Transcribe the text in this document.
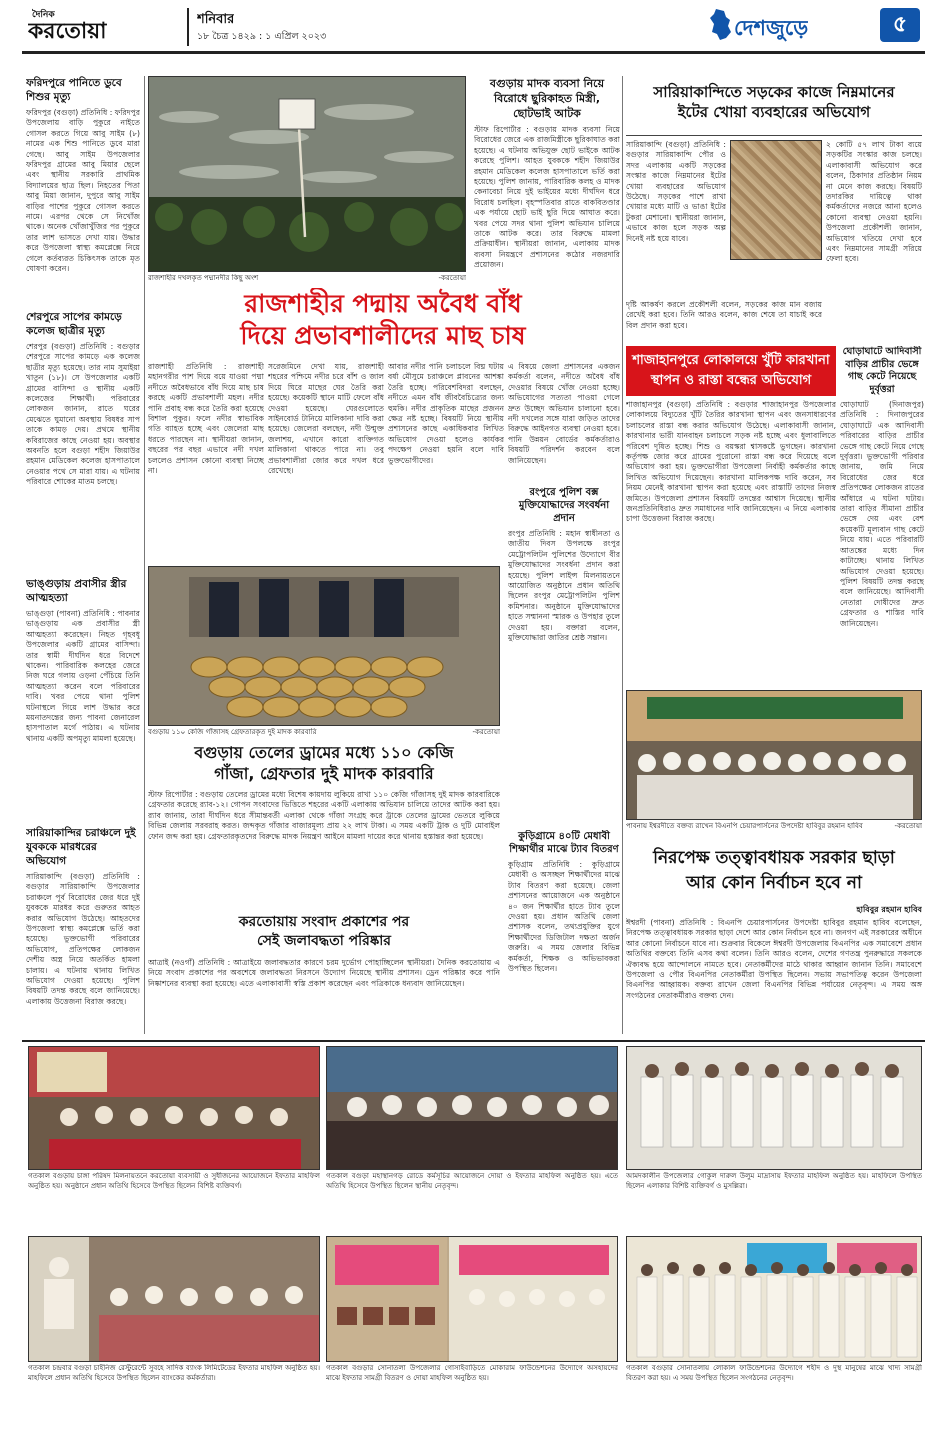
দৈনিক
করতোয়া	শনিবার
১৮ চৈত্র ১৪২৯ : ১ এপ্রিল ২০২৩	দেশজুড়ে	৫
ফরিদপুরে পানিতে ডুবে শিশুর মৃত্যু
ফরিদপুর (বগুড়া) প্রতিনিধি : ফরিদপুর উপজেলায় বাড়ি পুকুরে নাইতে গোসল করতে গিয়ে আবু সাইম (৮) নামের এক শিশু পানিতে ডুবে মারা গেছে। আবু সাইম উপজেলার ফরিদপুর গ্রামের আবু মিয়ার ছেলে এবং স্থানীয় সরকারি প্রাথমিক বিদ্যালয়ের ছাত্র ছিল। নিহতের পিতা আবু মিয়া জানান, দুপুরে আবু সাইম বাড়ির পাশের পুকুরে গোসল করতে নামে। এরপর থেকে সে নিখোঁজ থাকে। অনেক খোঁজাখুঁজির পর পুকুরে তার লাশ ভাসতে দেখা যায়। উদ্ধার করে উপজেলা স্বাস্থ্য কমপ্লেক্সে নিয়ে গেলে কর্তব্যরত চিকিৎসক তাকে মৃত ঘোষণা করেন।
শেরপুরে সাপের কামড়ে কলেজ ছাত্রীর মৃত্যু
শেরপুর (বগুড়া) প্রতিনিধি : বগুড়ার শেরপুরে সাপের কামড়ে এক কলেজ ছাত্রীর মৃত্যু হয়েছে। তার নাম সুমাইয়া খাতুন (১৮)। সে উপজেলার একটি গ্রামের বাসিন্দা ও স্থানীয় একটি কলেজের শিক্ষার্থী। পরিবারের লোকজন জানান, রাতে ঘরের মেঝেতে ঘুমানো অবস্থায় বিষধর সাপ তাকে কামড় দেয়। প্রথমে স্থানীয় কবিরাজের কাছে নেওয়া হয়। অবস্থার অবনতি হলে বগুড়া শহীদ জিয়াউর রহমান মেডিকেল কলেজ হাসপাতালে নেওয়ার পথে সে মারা যায়। এ ঘটনায় পরিবারে শোকের মাতম চলছে।
ভাঙ্গুড়ায় প্রবাসীর স্ত্রীর আত্মহত্যা
ভাঙ্গুড়া (পাবনা) প্রতিনিধি : পাবনার ভাঙ্গুড়ায় এক প্রবাসীর স্ত্রী আত্মহত্যা করেছেন। নিহত গৃহবধূ উপজেলার একটি গ্রামের বাসিন্দা। তার স্বামী দীর্ঘদিন ধরে বিদেশে থাকেন। পারিবারিক কলহের জেরে নিজ ঘরে গলায় ওড়না পেঁচিয়ে তিনি আত্মহত্যা করেন বলে পরিবারের দাবি। খবর পেয়ে থানা পুলিশ ঘটনাস্থলে গিয়ে লাশ উদ্ধার করে ময়নাতদন্তের জন্য পাবনা জেনারেল হাসপাতাল মর্গে পাঠায়। এ ঘটনায় থানায় একটি অপমৃত্যু মামলা হয়েছে।
সারিয়াকান্দির চরাঞ্চলে দুই যুবককে মারধরের অভিযোগ
সারিয়াকান্দি (বগুড়া) প্রতিনিধি : বগুড়ার সারিয়াকান্দি উপজেলার চরাঞ্চলে পূর্ব বিরোধের জের ধরে দুই যুবককে মারধর করে গুরুতর আহত করার অভিযোগ উঠেছে। আহতদের উপজেলা স্বাস্থ্য কমপ্লেক্সে ভর্তি করা হয়েছে। ভুক্তভোগী পরিবারের অভিযোগ, প্রতিপক্ষের লোকজন দেশীয় অস্ত্র নিয়ে অতর্কিত হামলা চালায়। এ ঘটনায় থানায় লিখিত অভিযোগ দেওয়া হয়েছে। পুলিশ বিষয়টি তদন্ত করছে বলে জানিয়েছে। এলাকায় উত্তেজনা বিরাজ করছে।
রাজশাহীর দখলকৃত পদ্মানদীর কিছু অংশ	-করতোয়া
রাজশাহীর পদ্মায় অবৈধ বাঁধ
দিয়ে প্রভাবশালীদের মাছ চাষ
রাজশাহী প্রতিনিধি : রাজশাহী মহানগরীর পাশ দিয়ে বয়ে যাওয়া পদ্মা নদীতে অবৈধভাবে বাঁধ দিয়ে মাছ চাষ করছে একটি প্রভাবশালী মহল। নদীর পানি প্রবাহ বন্ধ করে তৈরি করা হয়েছে বিশাল পুকুর। ফলে নদীর স্বাভাবিক গতি ব্যাহত হচ্ছে এবং জেলেরা মাছ ধরতে পারছেন না। স্থানীয়রা জানান, বছরের পর বছর এভাবে নদী দখল চললেও প্রশাসন কোনো ব্যবস্থা নিচ্ছে না।
সরেজমিনে দেখা যায়, রাজশাহী শহরের পশ্চিমে নদীর চরে বাঁশ ও জাল দিয়ে ঘিরে মাছের ঘের তৈরি করা হয়েছে। কয়েকটি স্থানে মাটি ফেলে বাঁধ দেওয়া হয়েছে। ঘেরগুলোতে সাইনবোর্ড টানিয়ে মালিকানা দাবি করা হয়েছে। জেলেরা বলছেন, নদী উন্মুক্ত জলাশয়, এখানে কারো ব্যক্তিগত মালিকানা থাকতে পারে না। তবু প্রভাবশালীরা জোর করে দখল ধরে রেখেছে।
আবার নদীর পানি চলাচলে বিঘ্ন ঘটায় বর্ষা মৌসুমে চরাঞ্চলে প্লাবনের আশঙ্কা তৈরি হচ্ছে। পরিবেশবিদরা বলছেন, নদীতে এমন বাঁধ জীববৈচিত্র্যের জন্য হুমকি। নদীর প্রাকৃতিক মাছের প্রজনন ক্ষেত্র নষ্ট হচ্ছে। বিষয়টি নিয়ে স্থানীয় প্রশাসনের কাছে একাধিকবার লিখিত অভিযোগ দেওয়া হলেও কার্যকর পদক্ষেপ নেওয়া হয়নি বলে দাবি ভুক্তভোগীদের।
এ বিষয়ে জেলা প্রশাসনের একজন কর্মকর্তা বলেন, নদীতে অবৈধ বাঁধ দেওয়ার বিষয়ে খোঁজ নেওয়া হচ্ছে। অভিযোগের সত্যতা পাওয়া গেলে দ্রুত উচ্ছেদ অভিযান চালানো হবে। নদী দখলের সঙ্গে যারা জড়িত তাদের বিরুদ্ধে আইনগত ব্যবস্থা নেওয়া হবে। পানি উন্নয়ন বোর্ডের কর্মকর্তারাও বিষয়টি পরিদর্শন করবেন বলে জানিয়েছেন।
রংপুরে পুলিশ বক্স মুক্তিযোদ্ধাদের সংবর্ধনা প্রদান
রংপুর প্রতিনিধি : মহান স্বাধীনতা ও জাতীয় দিবস উপলক্ষে রংপুর মেট্রোপলিটন পুলিশের উদ্যোগে বীর মুক্তিযোদ্ধাদের সংবর্ধনা প্রদান করা হয়েছে। পুলিশ লাইন্স মিলনায়তনে আয়োজিত অনুষ্ঠানে প্রধান অতিথি ছিলেন রংপুর মেট্রোপলিটন পুলিশ কমিশনার। অনুষ্ঠানে মুক্তিযোদ্ধাদের হাতে সম্মাননা স্মারক ও উপহার তুলে দেওয়া হয়। বক্তারা বলেন, মুক্তিযোদ্ধারা জাতির শ্রেষ্ঠ সন্তান।
কুড়িগ্রামে ৪০টি মেধাবী শিক্ষার্থীর মাঝে ট্যাব বিতরণ
কুড়িগ্রাম প্রতিনিধি : কুড়িগ্রামে মেধাবী ও অসচ্ছল শিক্ষার্থীদের মাঝে ট্যাব বিতরণ করা হয়েছে। জেলা প্রশাসনের আয়োজনে এক অনুষ্ঠানে ৪০ জন শিক্ষার্থীর হাতে ট্যাব তুলে দেওয়া হয়। প্রধান অতিথি জেলা প্রশাসক বলেন, তথ্যপ্রযুক্তির যুগে শিক্ষার্থীদের ডিজিটাল দক্ষতা অর্জন জরুরি। এ সময় জেলার বিভিন্ন কর্মকর্তা, শিক্ষক ও অভিভাবকরা উপস্থিত ছিলেন।
বগুড়ায় ১১০ কেজি গাঁজাসহ গ্রেফতারকৃত দুই মাদক কারবারি	-করতোয়া
বগুড়ায় তেলের ড্রামের মধ্যে ১১০ কেজি
গাঁজা, গ্রেফতার দুই মাদক কারবারি
স্টাফ রিপোর্টার : বগুড়ায় তেলের ড্রামের মধ্যে বিশেষ কায়দায় লুকিয়ে রাখা ১১০ কেজি গাঁজাসহ দুই মাদক কারবারিকে গ্রেফতার করেছে র‍্যাব-১২। গোপন সংবাদের ভিত্তিতে শহরের একটি এলাকায় অভিযান চালিয়ে তাদের আটক করা হয়। র‍্যাব জানায়, তারা দীর্ঘদিন ধরে সীমান্তবর্তী এলাকা থেকে গাঁজা সংগ্রহ করে ট্রাকে তেলের ড্রামের ভেতরে লুকিয়ে বিভিন্ন জেলায় সরবরাহ করত। জব্দকৃত গাঁজার বাজারমূল্য প্রায় ২২ লাখ টাকা। এ সময় একটি ট্রাক ও দুটি মোবাইল ফোন জব্দ করা হয়। গ্রেফতারকৃতদের বিরুদ্ধে মাদক নিয়ন্ত্রণ আইনে মামলা দায়ের করে থানায় হস্তান্তর করা হয়েছে।
করতোয়ায় সংবাদ প্রকাশের পর
সেই জলাবদ্ধতা পরিষ্কার
আত্রাই (নওগাঁ) প্রতিনিধি : আত্রাইয়ে জলাবদ্ধতার কারণে চরম দুর্ভোগ পোহাচ্ছিলেন স্থানীয়রা। দৈনিক করতোয়ায় এ নিয়ে সংবাদ প্রকাশের পর অবশেষে জলাবদ্ধতা নিরসনে উদ্যোগ নিয়েছে স্থানীয় প্রশাসন। ড্রেন পরিষ্কার করে পানি নিষ্কাশনের ব্যবস্থা করা হয়েছে। এতে এলাকাবাসী স্বস্তি প্রকাশ করেছেন এবং পত্রিকাকে ধন্যবাদ জানিয়েছেন।
বগুড়ায় মাদক ব্যবসা নিয়ে বিরোধে ছুরিকাহত মিস্ত্রী, ছোটভাই আটক
স্টাফ রিপোর্টার : বগুড়ায় মাদক ব্যবসা নিয়ে বিরোধের জেরে এক রাজমিস্ত্রীকে ছুরিকাঘাত করা হয়েছে। এ ঘটনায় অভিযুক্ত ছোট ভাইকে আটক করেছে পুলিশ। আহত যুবককে শহীদ জিয়াউর রহমান মেডিকেল কলেজ হাসপাতালে ভর্তি করা হয়েছে। পুলিশ জানায়, পারিবারিক কলহ ও মাদক কেনাবেচা নিয়ে দুই ভাইয়ের মধ্যে দীর্ঘদিন ধরে বিরোধ চলছিল। বৃহস্পতিবার রাতে বাকবিতণ্ডার এক পর্যায়ে ছোট ভাই ছুরি দিয়ে আঘাত করে। খবর পেয়ে সদর থানা পুলিশ অভিযান চালিয়ে তাকে আটক করে। তার বিরুদ্ধে মামলা প্রক্রিয়াধীন। স্থানীয়রা জানান, এলাকায় মাদক ব্যবসা নিয়ন্ত্রণে প্রশাসনের কঠোর নজরদারি প্রয়োজন।
সারিয়াকান্দিতে সড়কের কাজে নিম্নমানের
ইটের খোয়া ব্যবহারের অভিযোগ
সারিয়াকান্দি (বগুড়া) প্রতিনিধি : বগুড়ার সারিয়াকান্দি পৌর ও সদর এলাকায় একটি সড়কের সংস্কার কাজে নিম্নমানের ইটের খোয়া ব্যবহারের অভিযোগ উঠেছে। সড়কের পাশে রাখা খোয়ার মধ্যে মাটি ও ভাঙা ইটের টুকরা মেশানো। স্থানীয়রা জানান, এভাবে কাজ হলে সড়ক অল্প দিনেই নষ্ট হয়ে যাবে।
২ কোটি ৫৭ লাখ টাকা ব্যয়ে সড়কটির সংস্কার কাজ চলছে। এলাকাবাসী অভিযোগ করে বলেন, ঠিকাদার প্রতিষ্ঠান নিয়ম না মেনে কাজ করছে। বিষয়টি তদারকির দায়িত্বে থাকা কর্মকর্তাদের নজরে আনা হলেও কোনো ব্যবস্থা নেওয়া হয়নি। উপজেলা প্রকৌশলী জানান, অভিযোগ খতিয়ে দেখা হবে এবং নিম্নমানের সামগ্রী সরিয়ে ফেলা হবে।
দৃষ্টি আকর্ষণ করলে প্রকৌশলী বলেন, সড়কের কাজ মান বজায় রেখেই করা হবে। তিনি আরও বলেন, কাজ শেষে তা যাচাই করে বিল প্রদান করা হবে।
শাজাহানপুরে লোকালয়ে খুঁটি কারখানা
স্থাপন ও রাস্তা বন্ধের অভিযোগ
শাজাহানপুর (বগুড়া) প্রতিনিধি : বগুড়ার শাজাহানপুর উপজেলার লোকালয়ে বিদ্যুতের খুঁটি তৈরির কারখানা স্থাপন এবং জনসাধারণের চলাচলের রাস্তা বন্ধ করার অভিযোগ উঠেছে। এলাকাবাসী জানান, কারখানার ভারী যানবাহন চলাচলে সড়ক নষ্ট হচ্ছে এবং ধুলাবালিতে পরিবেশ দূষিত হচ্ছে। শিশু ও বয়স্করা শ্বাসকষ্টে ভুগছেন। কারখানা কর্তৃপক্ষ জোর করে গ্রামের পুরোনো রাস্তা বন্ধ করে দিয়েছে বলে অভিযোগ করা হয়। ভুক্তভোগীরা উপজেলা নির্বাহী কর্মকর্তার কাছে লিখিত অভিযোগ দিয়েছেন। কারখানা মালিকপক্ষ দাবি করেন, সব নিয়ম মেনেই কারখানা স্থাপন করা হয়েছে এবং রাস্তাটি তাদের নিজস্ব জমিতে। উপজেলা প্রশাসন বিষয়টি তদন্তের আশ্বাস দিয়েছে। স্থানীয় জনপ্রতিনিধিরাও দ্রুত সমাধানের দাবি জানিয়েছেন। এ নিয়ে এলাকায় চাপা উত্তেজনা বিরাজ করছে।
ঘোড়াঘাটে আদিবাসী বাড়ির প্রাচীর ভেঙ্গে গাছ কেটে নিয়েছে দুর্বৃত্তরা
ঘোড়াঘাট (দিনাজপুর) প্রতিনিধি : দিনাজপুরের ঘোড়াঘাটে এক আদিবাসী পরিবারের বাড়ির প্রাচীর ভেঙ্গে গাছ কেটে নিয়ে গেছে দুর্বৃত্তরা। ভুক্তভোগী পরিবার জানায়, জমি নিয়ে বিরোধের জের ধরে প্রতিপক্ষের লোকজন রাতের আঁধারে এ ঘটনা ঘটায়। তারা বাড়ির সীমানা প্রাচীর ভেঙ্গে দেয় এবং বেশ কয়েকটি মূল্যবান গাছ কেটে নিয়ে যায়। এতে পরিবারটি আতঙ্কের মধ্যে দিন কাটাচ্ছে। থানায় লিখিত অভিযোগ দেওয়া হয়েছে। পুলিশ বিষয়টি তদন্ত করছে বলে জানিয়েছে। আদিবাসী নেতারা দোষীদের দ্রুত গ্রেফতার ও শাস্তির দাবি জানিয়েছেন।
পাবনায় ইশ্বরদীতে বক্তব্য রাখেন বিএনপি চেয়ারপার্সনের উপদেষ্টা হাবিবুর রহমান হাবিব	-করতোয়া
নিরপেক্ষ তত্ত্বাবধায়ক সরকার ছাড়া
আর কোন নির্বাচন হবে না
হাবিবুর রহমান হাবিব
ঈশ্বরদী (পাবনা) প্রতিনিধি : বিএনপি চেয়ারপার্সনের উপদেষ্টা হাবিবুর রহমান হাবিব বলেছেন, নিরপেক্ষ তত্ত্বাবধায়ক সরকার ছাড়া দেশে আর কোন নির্বাচন হবে না। জনগণ এই সরকারের অধীনে আর কোনো নির্বাচনে যাবে না। শুক্রবার বিকেলে ঈশ্বরদী উপজেলায় বিএনপির এক সমাবেশে প্রধান অতিথির বক্তব্যে তিনি এসব কথা বলেন। তিনি আরও বলেন, দেশের গণতন্ত্র পুনরুদ্ধারে সকলকে ঐক্যবদ্ধ হয়ে আন্দোলনে নামতে হবে। নেতাকর্মীদের মাঠে থাকার আহ্বান জানান তিনি। সমাবেশে উপজেলা ও পৌর বিএনপির নেতাকর্মীরা উপস্থিত ছিলেন। সভায় সভাপতিত্ব করেন উপজেলা বিএনপির আহ্বায়ক। বক্তব্য রাখেন জেলা বিএনপির বিভিন্ন পর্যায়ের নেতৃবৃন্দ। এ সময় অঙ্গ সংগঠনের নেতাকর্মীরাও বক্তব্য দেন।
গতকাল বগুড়ায় চাঙ্গা পরিষদ মিলনায়তনে করতোয়া ব্যবসায়ী ও সুধীজনের আয়োজনে ইফতার মাহফিল অনুষ্ঠিত হয়। অনুষ্ঠানে প্রধান অতিথি হিসেবে উপস্থিত ছিলেন বিশিষ্ট ব্যক্তিবর্গ।
গতকাল বগুড়া মহাস্থানগড় রোডে কর্মসূচির আয়োজনে দোয়া ও ইফতার মাহফিল অনুষ্ঠিত হয়। এতে অতিথি হিসেবে উপস্থিত ছিলেন স্থানীয় নেতৃবৃন্দ।
আমদকালীন উপজেলার গোকুল দারুল উলুম মাদ্রাসায় ইফতার মাহফিল অনুষ্ঠিত হয়। মাহফিলে উপস্থিত ছিলেন এলাকার বিশিষ্ট ব্যক্তিবর্গ ও মুসল্লিরা।
গতকাল চন্দ্রবার বগুড়া চাইনিজ রেস্টুরেন্টে সুবহে সাদিক ব্যাংক লিমিটেডের ইফতার মাহফিল অনুষ্ঠিত হয়। মাহফিলে প্রধান অতিথি হিসেবে উপস্থিত ছিলেন ব্যাংকের কর্মকর্তারা।
গতকাল বগুড়ার সোনাতলা উপজেলার গোসাইবাড়িতে মোকারাম ফাউন্ডেশনের উদ্যোগে অসহায়দের মাঝে ইফতার সামগ্রী বিতরণ ও দোয়া মাহফিল অনুষ্ঠিত হয়।
গতকাল বগুড়ার সোনাতলায় লোকাল ফাউন্ডেশনের উদ্যোগে শহীদ ও দুস্থ মানুষের মাঝে খাদ্য সামগ্রী বিতরণ করা হয়। এ সময় উপস্থিত ছিলেন সংগঠনের নেতৃবৃন্দ।
